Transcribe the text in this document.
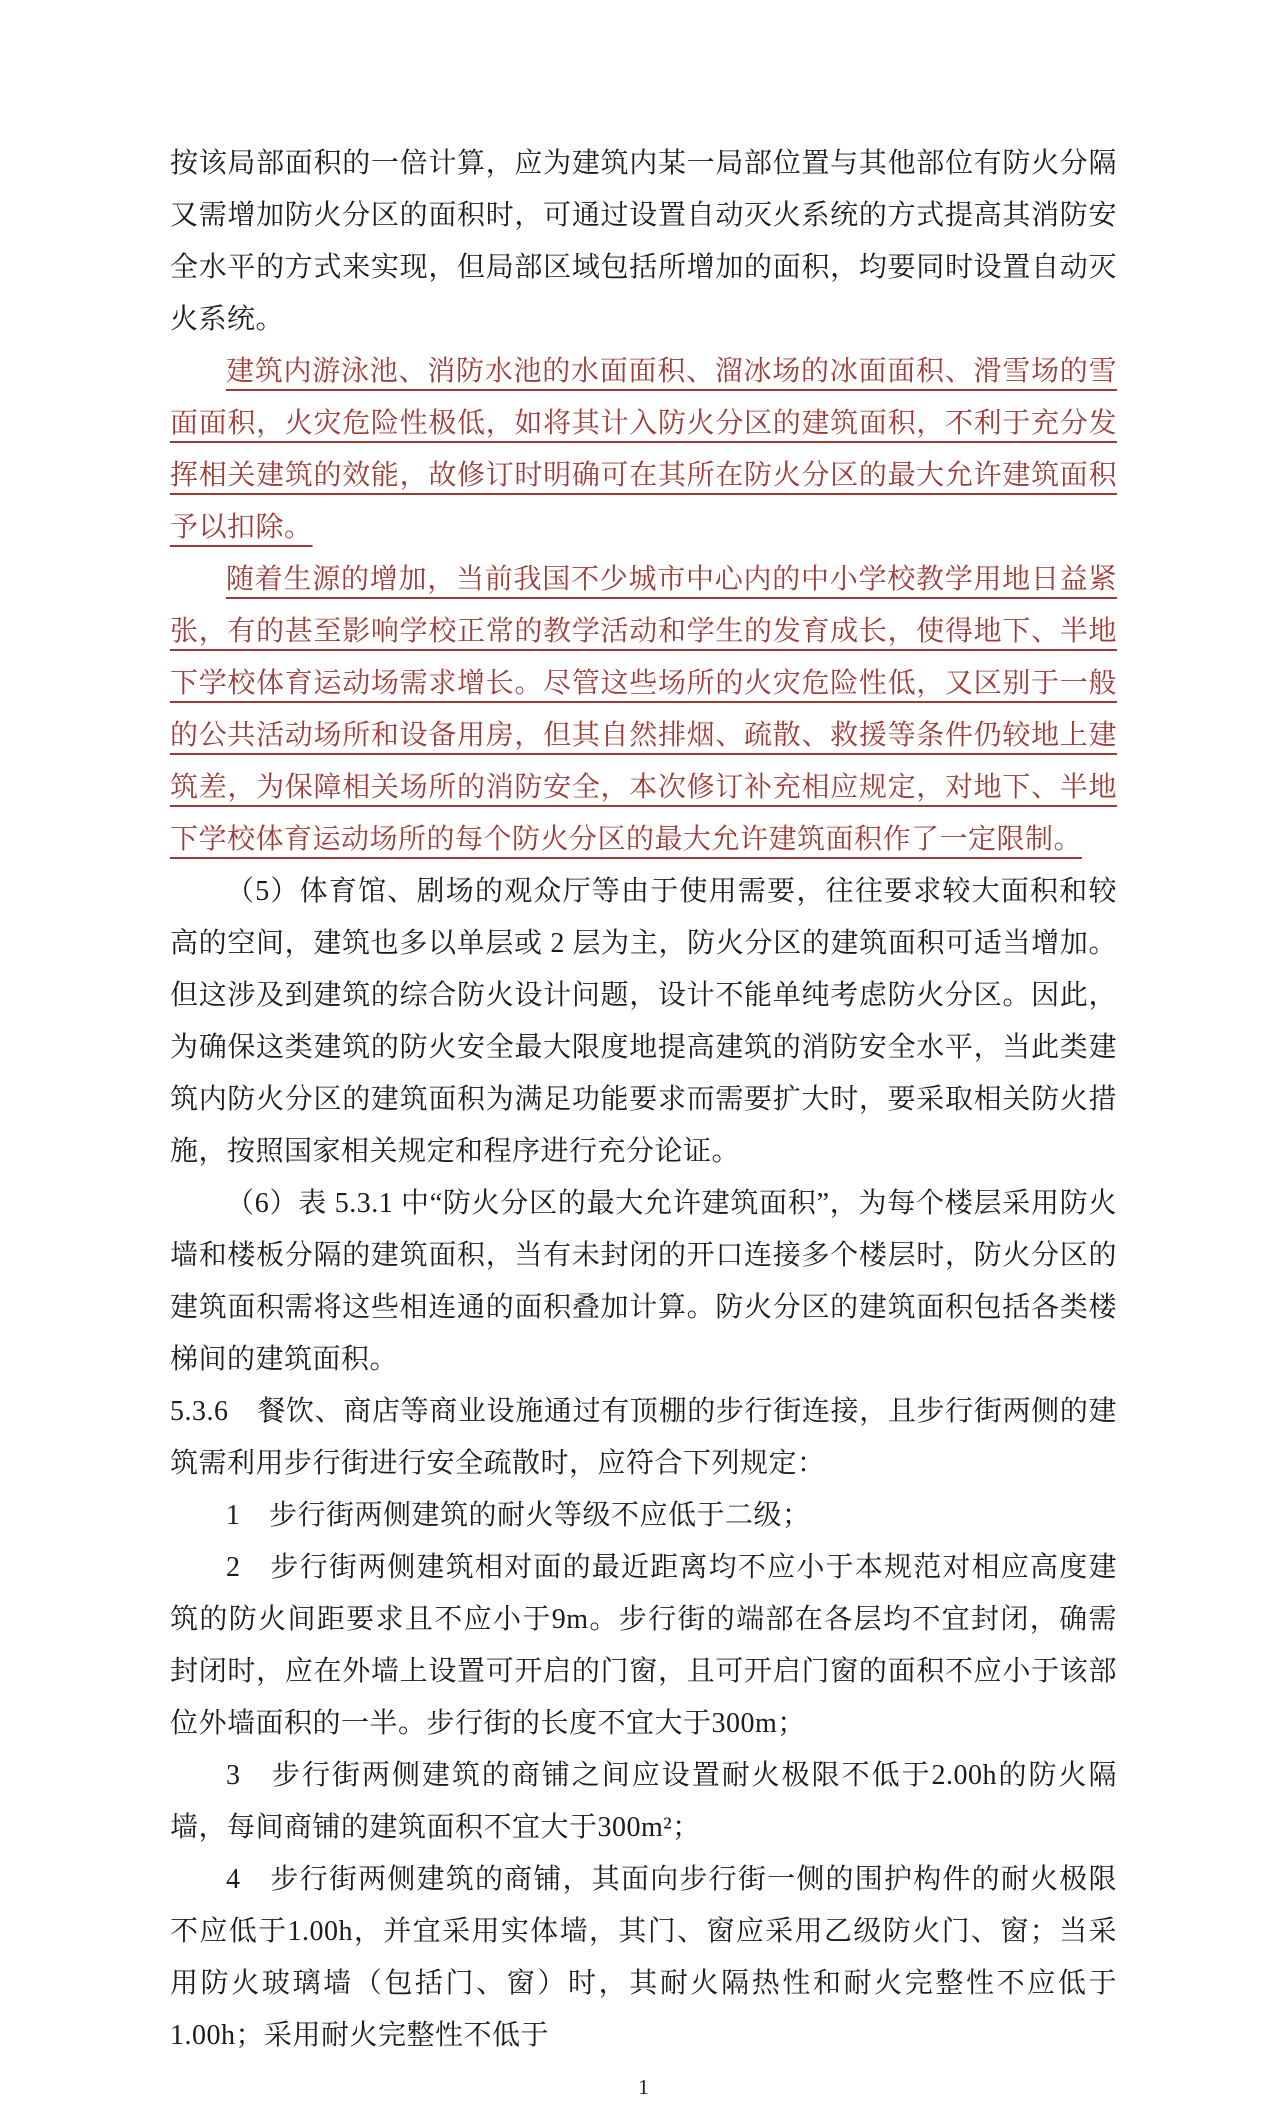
按该局部面积的一倍计算，应为建筑内某一局部位置与其他部位有防火分隔又需增加防火分区的面积时，可通过设置自动灭火系统的方式提高其消防安全水平的方式来实现，但局部区域包括所增加的面积，均要同时设置自动灭火系统。

建筑内游泳池、消防水池的水面面积、溜冰场的冰面面积、滑雪场的雪面面积，火灾危险性极低，如将其计入防火分区的建筑面积，不利于充分发挥相关建筑的效能，故修订时明确可在其所在防火分区的最大允许建筑面积予以扣除。

随着生源的增加，当前我国不少城市中心内的中小学校教学用地日益紧张，有的甚至影响学校正常的教学活动和学生的发育成长，使得地下、半地下学校体育运动场需求增长。尽管这些场所的火灾危险性低，又区别于一般的公共活动场所和设备用房，但其自然排烟、疏散、救援等条件仍较地上建筑差，为保障相关场所的消防安全，本次修订补充相应规定，对地下、半地下学校体育运动场所的每个防火分区的最大允许建筑面积作了一定限制。

（5）体育馆、剧场的观众厅等由于使用需要，往往要求较大面积和较高的空间，建筑也多以单层或 2 层为主，防火分区的建筑面积可适当增加。但这涉及到建筑的综合防火设计问题，设计不能单纯考虑防火分区。因此，为确保这类建筑的防火安全最大限度地提高建筑的消防安全水平，当此类建筑内防火分区的建筑面积为满足功能要求而需要扩大时，要采取相关防火措施，按照国家相关规定和程序进行充分论证。

（6）表 5.3.1 中“防火分区的最大允许建筑面积”，为每个楼层采用防火墙和楼板分隔的建筑面积，当有未封闭的开口连接多个楼层时，防火分区的建筑面积需将这些相连通的面积叠加计算。防火分区的建筑面积包括各类楼梯间的建筑面积。

5.3.6　餐饮、商店等商业设施通过有顶棚的步行街连接，且步行街两侧的建筑需利用步行街进行安全疏散时，应符合下列规定：

1　步行街两侧建筑的耐火等级不应低于二级；

2　步行街两侧建筑相对面的最近距离均不应小于本规范对相应高度建筑的防火间距要求且不应小于9m。步行街的端部在各层均不宜封闭，确需封闭时，应在外墙上设置可开启的门窗，且可开启门窗的面积不应小于该部位外墙面积的一半。步行街的长度不宜大于300m；

3　步行街两侧建筑的商铺之间应设置耐火极限不低于2.00h的防火隔墙，每间商铺的建筑面积不宜大于300m²；

4　步行街两侧建筑的商铺，其面向步行街一侧的围护构件的耐火极限不应低于1.00h，并宜采用实体墙，其门、窗应采用乙级防火门、窗；当采用防火玻璃墙（包括门、窗）时，其耐火隔热性和耐火完整性不应低于1.00h；采用耐火完整性不低于

1
